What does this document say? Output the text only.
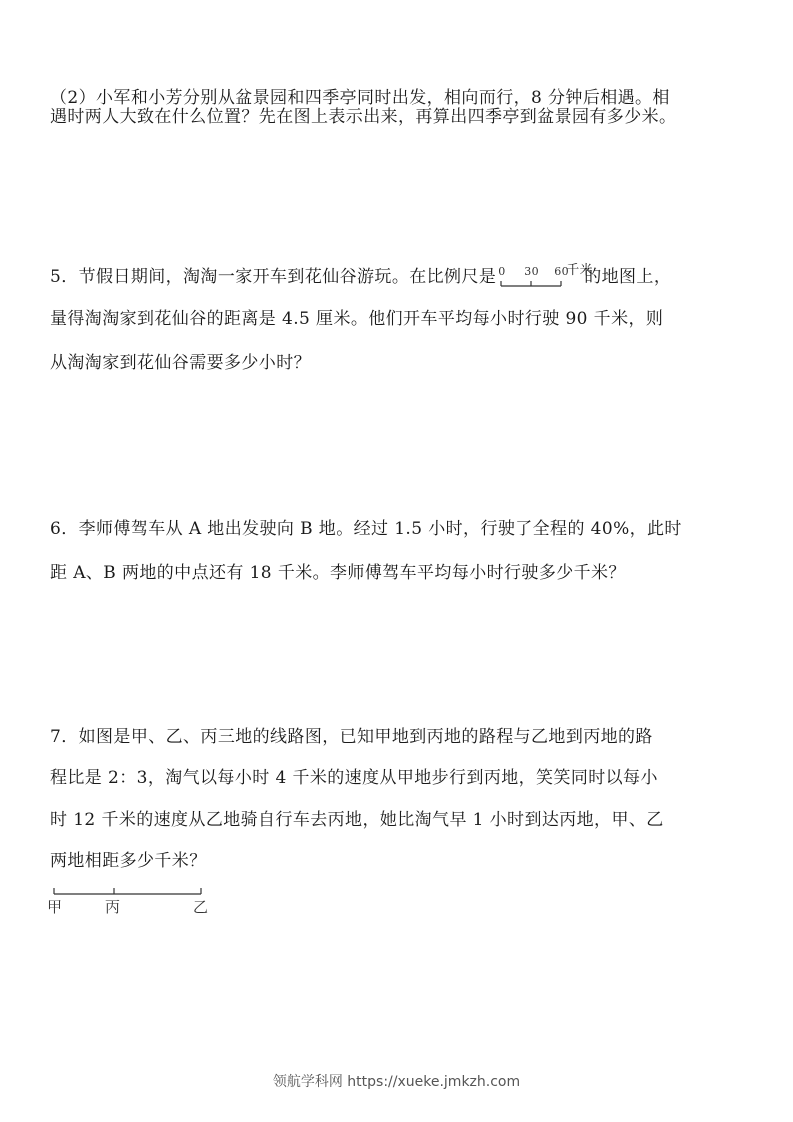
（2）小军和小芳分别从盆景园和四季亭同时出发，相向而行，8 分钟后相遇。相
遇时两人大致在什么位置？先在图上表示出来，再算出四季亭到盆景园有多少米。
5．节假日期间，淘淘一家开车到花仙谷游玩。在比例尺是 0 30 60
千米
的地图上，
量得淘淘家到花仙谷的距离是 4.5 厘米。他们开车平均每小时行驶 90 千米，则
从淘淘家到花仙谷需要多少小时？
6．李师傅驾车从 A 地出发驶向 B 地。经过 1.5 小时，行驶了全程的 40%，此时
距 A、B 两地的中点还有 18 千米。李师傅驾车平均每小时行驶多少千米？
7．如图是甲、乙、丙三地的线路图，已知甲地到丙地的路程与乙地到丙地的路
程比是 2：3，淘气以每小时 4 千米的速度从甲地步行到丙地，笑笑同时以每小
时 12 千米的速度从乙地骑自行车去丙地，她比淘气早 1 小时到达丙地，甲、乙
两地相距多少千米？
甲	丙	乙
领航学科网 https://xueke.jmkzh.com
